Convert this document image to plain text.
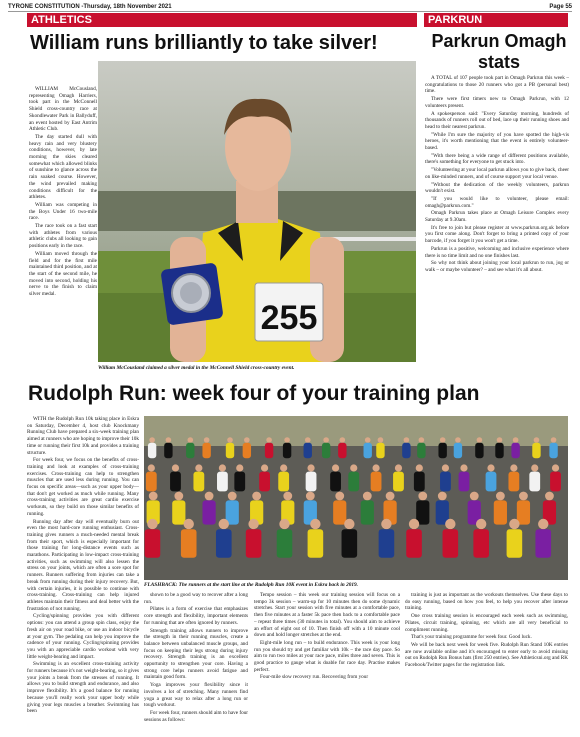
TYRONE CONSTITUTION -Thursday, 18th November 2021	Page 55
ATHLETICS	PARKRUN
William runs brilliantly to take silver!

WILLIAM McCousland, representing Omagh Harriers, took part in the McConnell Shield cross-country race at Skondlewater Park in Ballyduff, an event hosted by East Antrim Athletic Club.

The day started dull with heavy rain and very blustery conditions, however, by late morning the skies cleared somewhat which allowed blinks of sunshine to glance across the rain soaked course. However, the wind prevailed making conditions difficult for the athletes.

William was competing in the Boys Under 16 two-mile race.

The race took on a fast start with athletes from various athletic clubs all looking to gain positions early in the race.

William moved through the field and for the first mile maintained third position, and at the start of the second mile, he moved into second, holding his nerve to the finish to claim silver medal.

255
William McCousland claimed a silver medal in the McConnell Shield cross-country event.
Parkrun Omagh stats

A TOTAL of 107 people took part in Omagh Parkrun this week – congratulations to those 20 runners who got a PB (personal best) time.

There were first timers new to Omagh Parkrun, with 12 volunteers present.

A spokesperson said: "Every Saturday morning, hundreds of thousands of runners roll out of bed, lace up their running shoes and head to their nearest parkrun.

"While I'm sure the majority of you have spotted the high-vis heroes, it's worth mentioning that the event is entirely volunteer-based.

"With there being a wide range of different positions available, there's something for everyone to get stuck into.

"Volunteering at your local parkrun allows you to give back, cheer on like-minded runners, and of course support your local venue.

"Without the dedication of the weekly volunteers, parkrun wouldn't exist.

"If you would like to volunteer, please email: omagh@parkrun.com."

Omagh Parkrun takes place at Omagh Leisure Complex every Saturday at 9.30am.

It's free to join but please register at www.parkrun.org.uk before you first come along. Don't forget to bring a printed copy of your barcode, if you forget it you won't get a time.

Parkrun is a positive, welcoming and inclusive experience where there is no time limit and no one finishes last.

So why not think about joining your local parkrun to run, jog or walk – or maybe volunteer? – and see what it's all about.

Rudolph Run: week four of your training plan

WITH the Rudolph Run 10k taking place in Eskra on Saturday, December 4, host club Knockmany Running Club have prepared a six-week training plan aimed at runners who are hoping to improve their 10k time or running their first 10k and provides a training structure.

For week four, we focus on the benefits of cross-training and look at examples of cross-training exercises. Cross-training can help to strengthen muscles that are used less during running. You can focus on specific areas—such as your upper body—that don't get worked as much while running. Many cross-training activities are great cardio exercise workouts, so they build on those similar benefits of running.

Running day after day will eventually burn out even the most hard-core running enthusiast. Cross-training gives runners a much-needed mental break from their sport, which is especially important for those training for long-distance events such as marathons. Participating in low-impact cross-training activities, such as swimming will also lessen the stress on your joints, which are often a sore spot for runners. Runners suffering from injuries can take a break from running during their injury recovery. But, with certain injuries, it is possible to continue with cross-training. Cross-training can help injured athletes maintain their fitness and deal better with the frustration of not running.

Cycling/spinning provides you with different options: you can attend a group spin class, enjoy the fresh air on your road bike, or use an indoor bicycle at your gym. The pedaling can help you improve the cadence of your running. Cycling/spinning provides you with an appreciable cardio workout with very little weight-bearing and impact.

Swimming is an excellent cross-training activity for runners because it's not weight-bearing, so it gives your joints a break from the stresses of running. It allows you to build strength and endurance, and also improve flexibility. It's a good balance for running because you'll really work your upper body while giving your legs muscles a breather. Swimming has been

FLASHBACK: The runners at the start line at the Rudolph Run 10K event in Eskra back in 2019.

shown to be a good way to recover after a long run.

Pilates is a form of exercise that emphasizes core strength and flexibility, important elements for running that are often ignored by runners.

Strength training allows runners to improve the strength in their running muscles, create a balance between unbalanced muscle groups, and focus on keeping their legs strong during injury recovery. Strength training is an excellent opportunity to strengthen your core. Having a strong core helps runners avoid fatigue and maintain good form.

Yoga improves your flexibility since it involves a lot of stretching. Many runners find yoga a great way to relax after a long run or tough workout.

For week four, runners should aim to have four sessions as follows:

Tempo session – this week our training session will focus on a tempo 3k session – warm-up for 10 minutes then do some dynamic stretches. Start your session with five minutes at a comfortable pace, then five minutes at a faster 5k pace then back to a comfortable pace – repeat three times (30 minutes in total). You should aim to achieve an effort of eight out of 10. Then finish off with a 10 minute cool down and hold longer stretches at the end.

Eight-mile long run – to build endurance. This week is your long run you should try and get familiar with 10k – the race day pace. So aim to run two miles at your race pace, miles three and seven. This is good practice to gauge what is doable for race day. Practise makes perfect.

Four-mile slow recovery run. Recovering from your

training is just as important as the workouts themselves. Use these days to do easy running, based on how you feel, to help you recover after intense training.

One cross training session is encouraged each week such as swimming, Pilates, circuit training, spinning, etc which are all very beneficial to compliment running.

That's your training programme for week four. Good luck.

We will be back next week for week five. Rudolph Run Stand 10K entries are now available online and it's encouraged to enter early to avoid missing out on Rudolph Run Bonus hats (first 250 entries). See Athleticsni.org and RK Facebook/Twitter pages for the registration link.
